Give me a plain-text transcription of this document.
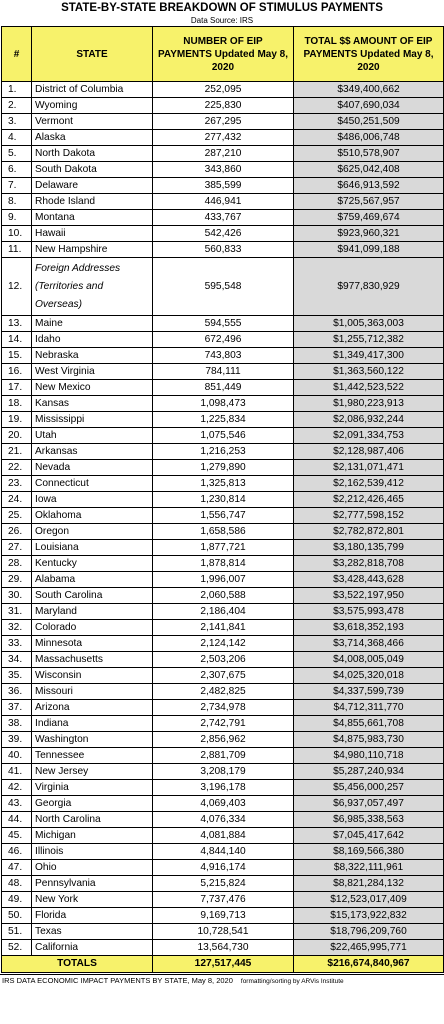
STATE-BY-STATE BREAKDOWN OF STIMULUS PAYMENTS
Data Source: IRS
#	STATE	NUMBER OF EIP PAYMENTS Updated May 8, 2020	TOTAL $$ AMOUNT OF EIP PAYMENTS Updated May 8, 2020
1.	District of Columbia	252,095	$349,400,662
2.	Wyoming	225,830	$407,690,034
3.	Vermont	267,295	$450,251,509
4.	Alaska	277,432	$486,006,748
5.	North Dakota	287,210	$510,578,907
6.	South Dakota	343,860	$625,042,408
7.	Delaware	385,599	$646,913,592
8.	Rhode Island	446,941	$725,567,957
9.	Montana	433,767	$759,469,674
10.	Hawaii	542,426	$923,960,321
11.	New Hampshire	560,833	$941,099,188
12.	Foreign Addresses (Territories and Overseas)	595,548	$977,830,929
13.	Maine	594,555	$1,005,363,003
14.	Idaho	672,496	$1,255,712,382
15.	Nebraska	743,803	$1,349,417,300
16.	West Virginia	784,111	$1,363,560,122
17.	New Mexico	851,449	$1,442,523,522
18.	Kansas	1,098,473	$1,980,223,913
19.	Mississippi	1,225,834	$2,086,932,244
20.	Utah	1,075,546	$2,091,334,753
21.	Arkansas	1,216,253	$2,128,987,406
22.	Nevada	1,279,890	$2,131,071,471
23.	Connecticut	1,325,813	$2,162,539,412
24.	Iowa	1,230,814	$2,212,426,465
25.	Oklahoma	1,556,747	$2,777,598,152
26.	Oregon	1,658,586	$2,782,872,801
27.	Louisiana	1,877,721	$3,180,135,799
28.	Kentucky	1,878,814	$3,282,818,708
29.	Alabama	1,996,007	$3,428,443,628
30.	South Carolina	2,060,588	$3,522,197,950
31.	Maryland	2,186,404	$3,575,993,478
32.	Colorado	2,141,841	$3,618,352,193
33.	Minnesota	2,124,142	$3,714,368,466
34.	Massachusetts	2,503,206	$4,008,005,049
35.	Wisconsin	2,307,675	$4,025,320,018
36.	Missouri	2,482,825	$4,337,599,739
37.	Arizona	2,734,978	$4,712,311,770
38.	Indiana	2,742,791	$4,855,661,708
39.	Washington	2,856,962	$4,875,983,730
40.	Tennessee	2,881,709	$4,980,110,718
41.	New Jersey	3,208,179	$5,287,240,934
42.	Virginia	3,196,178	$5,456,000,257
43.	Georgia	4,069,403	$6,937,057,497
44.	North Carolina	4,076,334	$6,985,338,563
45.	Michigan	4,081,884	$7,045,417,642
46.	Illinois	4,844,140	$8,169,566,380
47.	Ohio	4,916,174	$8,322,111,961
48.	Pennsylvania	5,215,824	$8,821,284,132
49.	New York	7,737,476	$12,523,017,409
50.	Florida	9,169,713	$15,173,922,832
51.	Texas	10,728,541	$18,796,209,760
52.	California	13,564,730	$22,465,995,771
TOTALS		127,517,445	$216,674,840,967
IRS DATA ECONOMIC IMPACT PAYMENTS BY STATE, May 8, 2020 formatting/sorting by ARVis Institute
